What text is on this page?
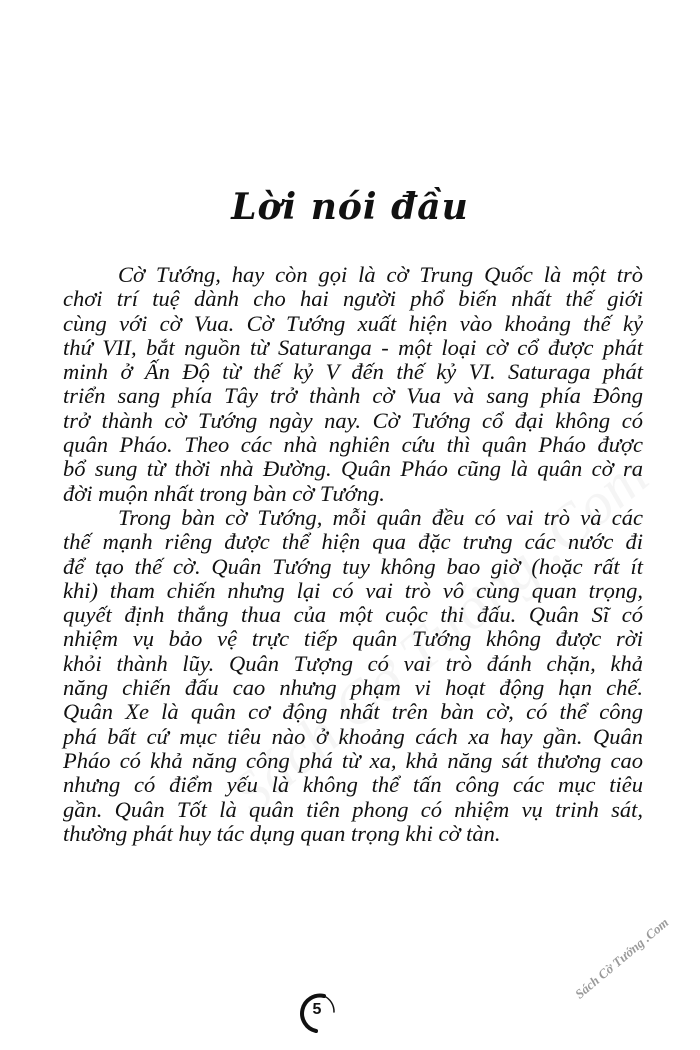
Lời nói đầu
Cờ Tướng, hay còn gọi là cờ Trung Quốc là một trò
chơi trí tuệ dành cho hai người phổ biến nhất thế giới
cùng với cờ Vua. Cờ Tướng xuất hiện vào khoảng thế kỷ
thứ VII, bắt nguồn từ Saturanga - một loại cờ cổ được phát
minh ở Ấn Độ từ thế kỷ V đến thế kỷ VI. Saturaga phát
triển sang phía Tây trở thành cờ Vua và sang phía Đông
trở thành cờ Tướng ngày nay. Cờ Tướng cổ đại không có
quân Pháo. Theo các nhà nghiên cứu thì quân Pháo được
bổ sung từ thời nhà Đường. Quân Pháo cũng là quân cờ ra
đời muộn nhất trong bàn cờ Tướng.
Trong bàn cờ Tướng, mỗi quân đều có vai trò và các
thế mạnh riêng được thể hiện qua đặc trưng các nước đi
để tạo thế cờ. Quân Tướng tuy không bao giờ (hoặc rất ít
khi) tham chiến nhưng lại có vai trò vô cùng quan trọng,
quyết định thắng thua của một cuộc thi đấu. Quân Sĩ có
nhiệm vụ bảo vệ trực tiếp quân Tướng không được rời
khỏi thành lũy. Quân Tượng có vai trò đánh chặn, khả
năng chiến đấu cao nhưng phạm vi hoạt động hạn chế.
Quân Xe là quân cơ động nhất trên bàn cờ, có thể công
phá bất cứ mục tiêu nào ở khoảng cách xa hay gần. Quân
Pháo có khả năng công phá từ xa, khả năng sát thương cao
nhưng có điểm yếu là không thể tấn công các mục tiêu
gần. Quân Tốt là quân tiên phong có nhiệm vụ trinh sát,
thường phát huy tác dụng quan trọng khi cờ tàn.
5
Sách Cờ Tướng .Com
